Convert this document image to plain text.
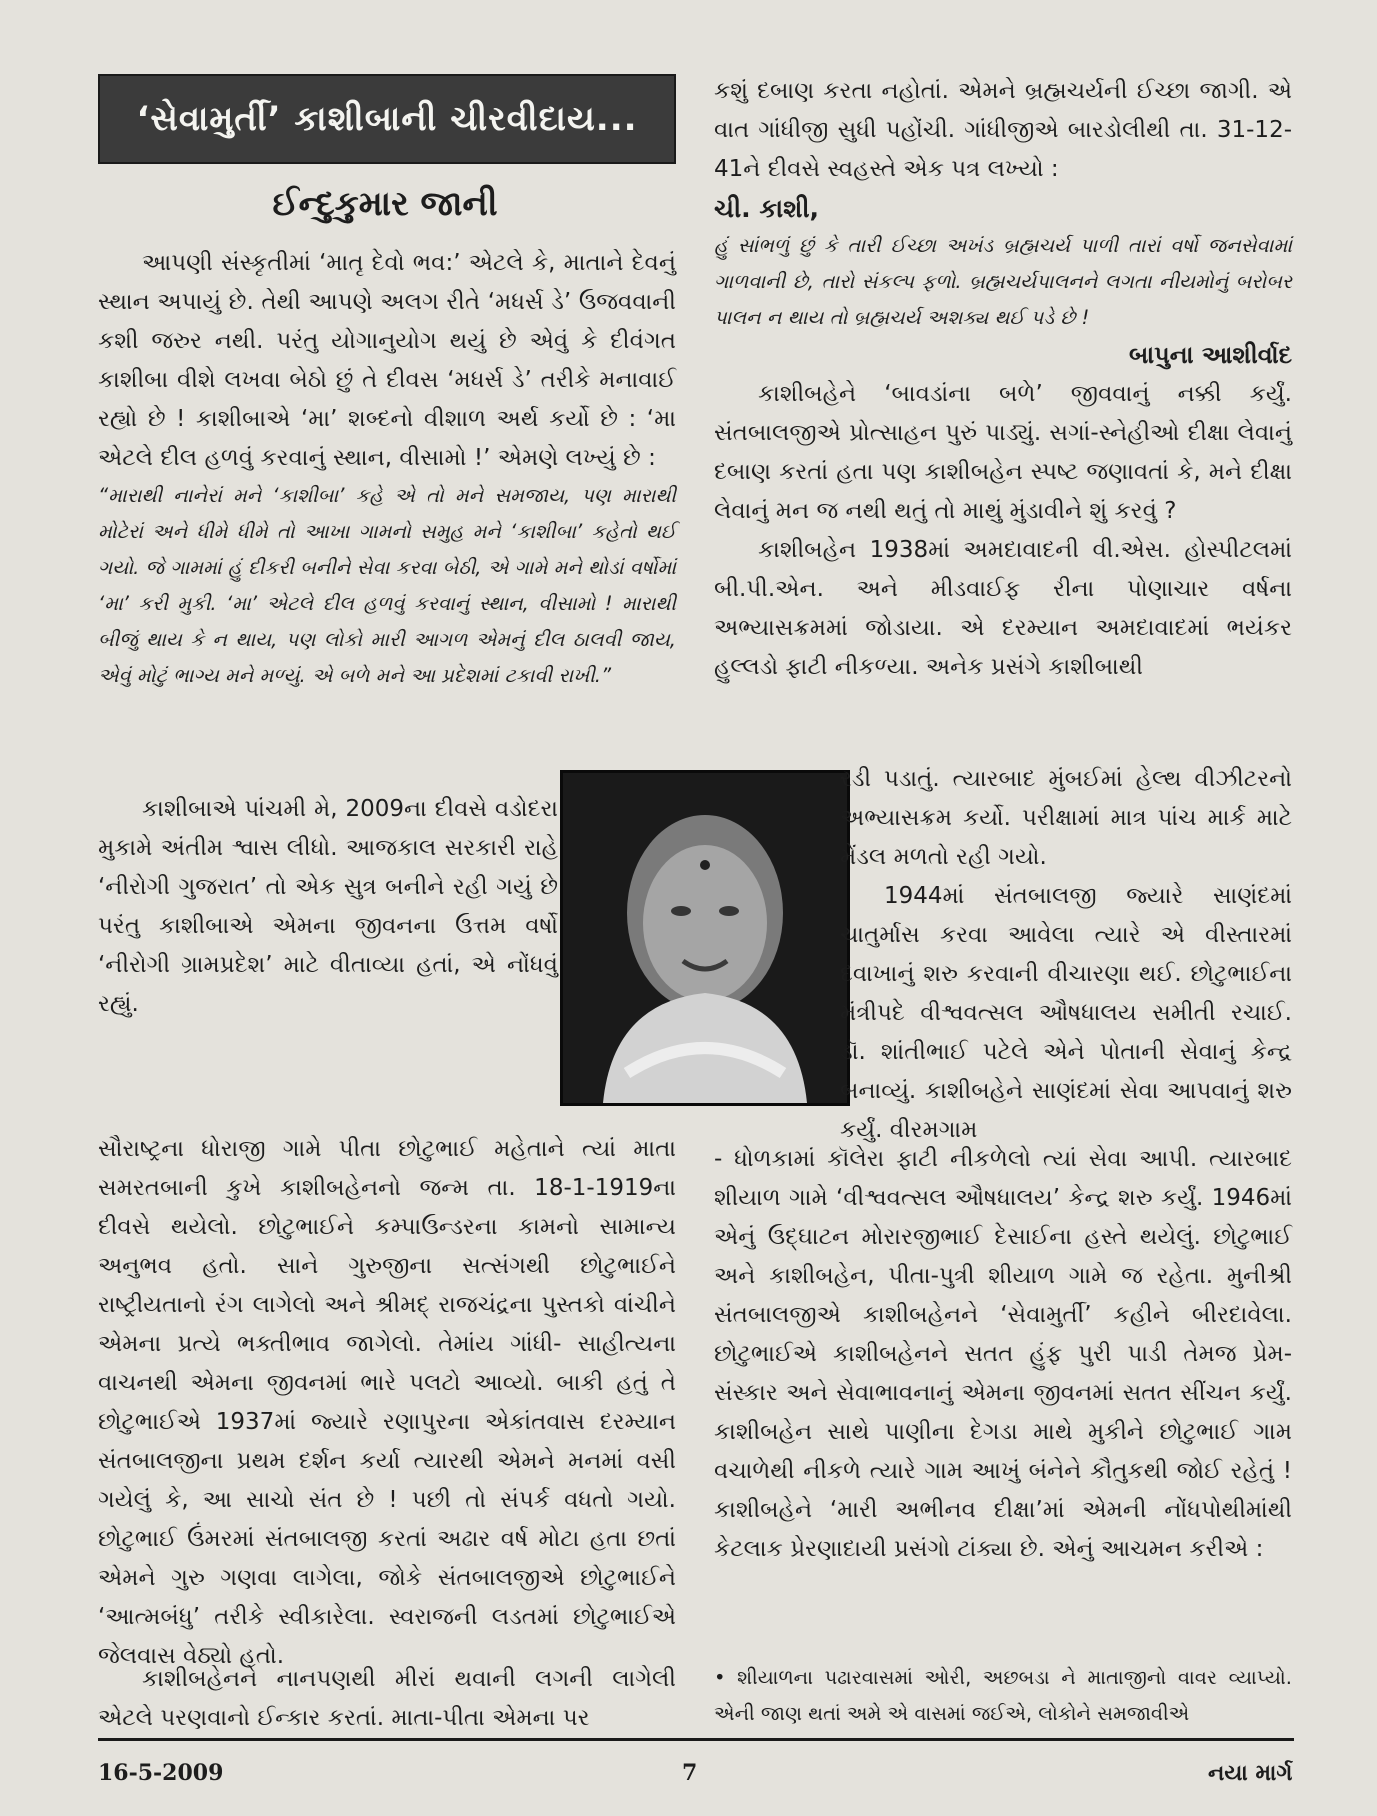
‘સેવામુર્તી’ કાશીબાની ચીરવીદાય...
ઈન્દુકુમાર જાની

આપણી સંસ્કૃતીમાં ‘માતૃ દેવો ભવ:’ એટલે કે, માતાને દેવનું સ્થાન અપાયું છે. તેથી આપણે અલગ રીતે ‘મધર્સ ડે’ ઉજવવાની કશી જરુર નથી. પરંતુ યોગાનુયોગ થયું છે એવું કે દીવંગત કાશીબા વીશે લખવા બેઠો છું તે દીવસ ‘મધર્સ ડે’ તરીકે મનાવાઈ રહ્યો છે ! કાશીબાએ ‘મા’ શબ્દનો વીશાળ અર્થ કર્યો છે : ‘મા એટલે દીલ હળવું કરવાનું સ્થાન, વીસામો !’ એમણે લખ્યું છે :

“મારાથી નાનેરાં મને ‘કાશીબા’ કહે એ તો મને સમજાય, પણ મારાથી મોટેરાં અને ધીમે ધીમે તો આખા ગામનો સમુહ મને ‘કાશીબા’ કહેતો થઈ ગયો. જે ગામમાં હું દીકરી બનીને સેવા કરવા બેઠી, એ ગામે મને થોડાં વર્ષોમાં ‘મા’ કરી મુકી. ‘મા’ એટલે દીલ હળવું કરવાનું સ્થાન, વીસામો ! મારાથી બીજું થાય કે ન થાય, પણ લોકો મારી આગળ એમનું દીલ ઠાલવી જાય, એવું મોટું ભાગ્ય મને મળ્યું. એ બળે મને આ પ્રદેશમાં ટકાવી રાખી.”

કાશીબાએ પાંચમી મે, 2009ના દીવસે વડોદરા મુકામે અંતીમ શ્વાસ લીધો. આજકાલ સરકારી રાહે ‘નીરોગી ગુજરાત’ તો એક સુત્ર બનીને રહી ગયું છે પરંતુ કાશીબાએ એમના જીવનના ઉત્તમ વર્ષો ‘નીરોગી ગ્રામપ્રદેશ’ માટે વીતાવ્યા હતાં, એ નોંધવું રહ્યું.

સૌરાષ્ટ્રના ધોરાજી ગામે પીતા છોટુભાઈ મહેતાને ત્યાં માતા સમરતબાની કુખે કાશીબહેનનો જન્મ તા. 18-1-1919ના દીવસે થયેલો. છોટુભાઈને કમ્પાઉન્ડરના કામનો સામાન્ય અનુભવ હતો. સાને ગુરુજીના સત્સંગથી છોટુભાઈને રાષ્ટ્રીયતાનો રંગ લાગેલો અને શ્રીમદ્ રાજચંદ્રના પુસ્તકો વાંચીને એમના પ્રત્યે ભક્તીભાવ જાગેલો. તેમાંય ગાંધી- સાહીત્યના વાચનથી એમના જીવનમાં ભારે પલટો આવ્યો. બાકી હતું તે છોટુભાઈએ 1937માં જ્યારે રણાપુરના એકાંતવાસ દરમ્યાન સંતબાલજીના પ્રથમ દર્શન કર્યા ત્યારથી એમને મનમાં વસી ગયેલું કે, આ સાચો સંત છે ! પછી તો સંપર્ક વધતો ગયો. છોટુભાઈ ઉંમરમાં સંતબાલજી કરતાં અઢાર વર્ષ મોટા હતા છતાં એમને ગુરુ ગણવા લાગેલા, જોકે સંતબાલજીએ છોટુભાઈને ‘આત્મબંધુ’ તરીકે સ્વીકારેલા. સ્વરાજની લડતમાં છોટુભાઈએ જેલવાસ વેઠ્યો હતો.

કાશીબહેનને નાનપણથી મીરાં થવાની લગની લાગેલી એટલે પરણવાનો ઈન્કાર કરતાં. માતા-પીતા એમના પર

કશું દબાણ કરતા નહોતાં. એમને બ્રહ્મચર્યની ઈચ્છા જાગી. એ વાત ગાંધીજી સુધી પહોંચી. ગાંધીજીએ બારડોલીથી તા. 31-12-41ને દીવસે સ્વહસ્તે એક પત્ર લખ્યો :

ચી. કાશી,

હું સાંભળું છું કે તારી ઈચ્છા અખંડ બ્રહ્મચર્ય પાળી તારાં વર્ષો જનસેવામાં ગાળવાની છે, તારો સંકલ્પ ફળો. બ્રહ્મચર્યપાલનને લગતા નીયમોનું બરોબર પાલન ન થાય તો બ્રહ્મચર્ય અશક્ય થઈ પડે છે !

બાપુના આશીર્વાદ

કાશીબહેને ‘બાવડાંના બળે’ જીવવાનું નક્કી કર્યું. સંતબાલજીએ પ્રોત્સાહન પુરું પાડ્યું. સગાં-સ્નેહીઓ દીક્ષા લેવાનું દબાણ કરતાં હતા પણ કાશીબહેન સ્પષ્ટ જણાવતાં કે, મને દીક્ષા લેવાનું મન જ નથી થતું તો માથું મુંડાવીને શું કરવું ?

કાશીબહેન 1938માં અમદાવાદની વી.એસ. હોસ્પીટલમાં બી.પી.એન. અને મીડવાઈફ રીના પોણાચાર વર્ષના અભ્યાસક્રમમાં જોડાયા. એ દરમ્યાન અમદાવાદમાં ભયંકર હુલ્લડો ફાટી નીકળ્યા. અનેક પ્રસંગે કાશીબાથી

રડી પડાતું. ત્યારબાદ મુંબઈમાં હેલ્થ વીઝીટરનો અભ્યાસક્રમ કર્યો. પરીક્ષામાં માત્ર પાંચ માર્ક માટે મેંડલ મળતો રહી ગયો.

1944માં સંતબાલજી જ્યારે સાણંદમાં ચાતુર્માસ કરવા આવેલા ત્યારે એ વીસ્તારમાં દવાખાનું શરુ કરવાની વીચારણા થઈ. છોટુભાઈના મંત્રીપદે વીશ્વવત્સલ ઔષધાલય સમીતી રચાઈ. ડૉ. શાંતીભાઈ પટેલે એને પોતાની સેવાનું કેન્દ્ર બનાવ્યું. કાશીબહેને સાણંદમાં સેવા આપવાનું શરુ કર્યું. વીરમગામ

- ધોળકામાં કૉલેરા ફાટી નીકળેલો ત્યાં સેવા આપી. ત્યારબાદ શીયાળ ગામે ‘વીશ્વવત્સલ ઔષધાલય’ કેન્દ્ર શરુ કર્યું. 1946માં એનું ઉદ્ઘાટન મોરારજીભાઈ દેસાઈના હસ્તે થયેલું. છોટુભાઈ અને કાશીબહેન, પીતા-પુત્રી શીયાળ ગામે જ રહેતા. મુનીશ્રી સંતબાલજીએ કાશીબહેનને ‘સેવામુર્તી’ કહીને બીરદાવેલા. છોટુભાઈએ કાશીબહેનને સતત હુંફ પુરી પાડી તેમજ પ્રેમ-સંસ્કાર અને સેવાભાવનાનું એમના જીવનમાં સતત સીંચન કર્યું. કાશીબહેન સાથે પાણીના દેગડા માથે મુકીને છોટુભાઈ ગામ વચાળેથી નીકળે ત્યારે ગામ આખું બંનેને કૌતુકથી જોઈ રહેતું ! કાશીબહેને ‘મારી અભીનવ દીક્ષા’માં એમની નોંધપોથીમાંથી કેટલાક પ્રેરણાદાયી પ્રસંગો ટાંક્યા છે. એનું આચમન કરીએ :

• શીયાળના પઢારવાસમાં ઓરી, અછબડા ને માતાજીનો વાવર વ્યાપ્યો. એની જાણ થતાં અમે એ વાસમાં જઈએ, લોકોને સમજાવીએ

16-5-2009	7	નયા માર્ગ
